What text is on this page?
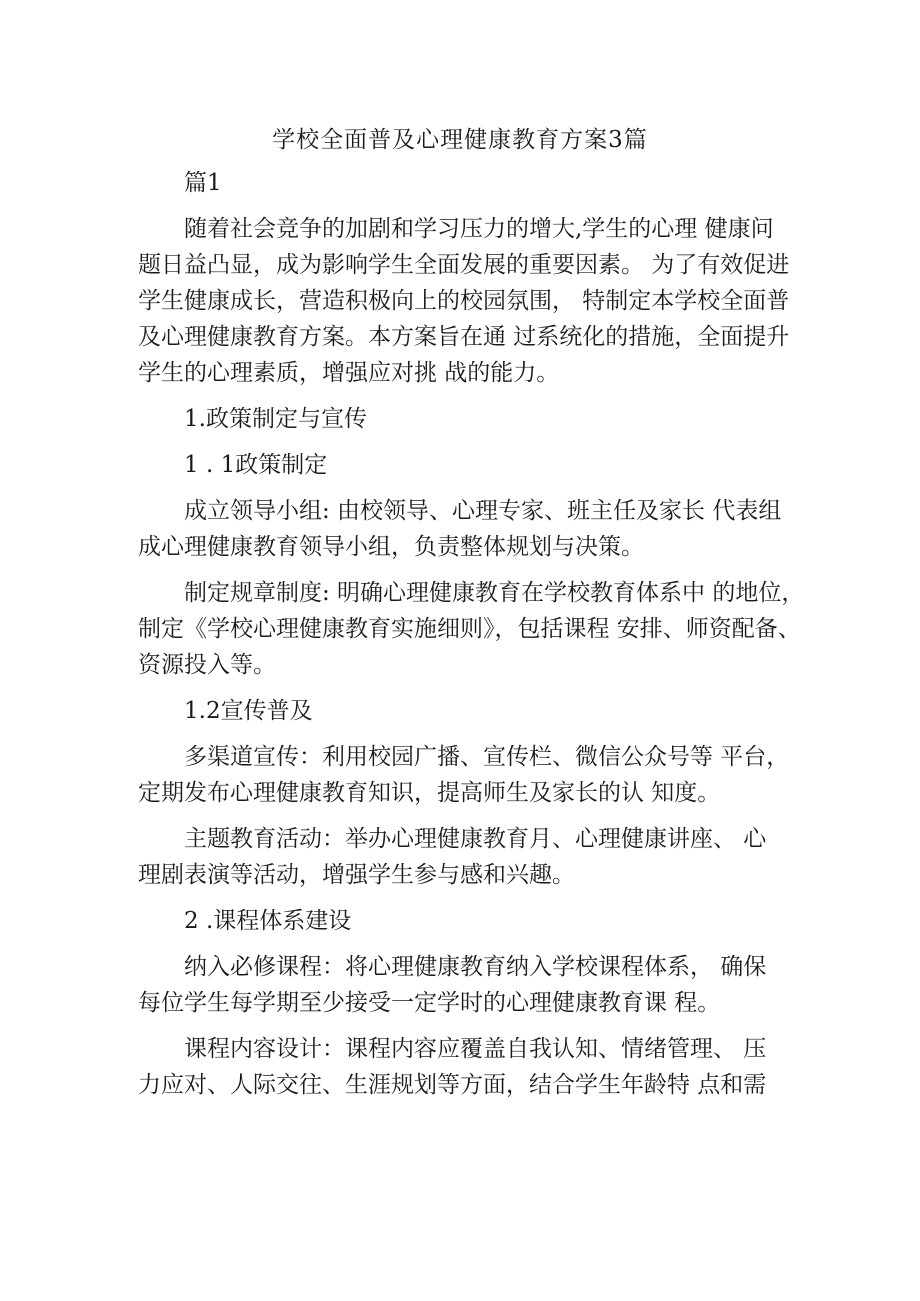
学校全面普及心理健康教育方案3篇
篇1
随着社会竞争的加剧和学习压力的增大,学生的心理 健康问
题日益凸显，成为影响学生全面发展的重要因素。 为了有效促进
学生健康成长，营造积极向上的校园氛围， 特制定本学校全面普
及心理健康教育方案。本方案旨在通 过系统化的措施，全面提升
学生的心理素质，增强应对挑 战的能力。
1.政策制定与宣传
1 . 1政策制定
成立领导小组: 由校领导、心理专家、班主任及家长 代表组
成心理健康教育领导小组，负责整体规划与决策。
制定规章制度: 明确心理健康教育在学校教育体系中 的地位，
制定《学校心理健康教育实施细则》，包括课程 安排、师资配备、
资源投入等。
1.2宣传普及
多渠道宣传：利用校园广播、宣传栏、微信公众号等 平台，
定期发布心理健康教育知识，提高师生及家长的认 知度。
主题教育活动：举办心理健康教育月、心理健康讲座、 心
理剧表演等活动，增强学生参与感和兴趣。
2 .课程体系建设
纳入必修课程：将心理健康教育纳入学校课程体系， 确保
每位学生每学期至少接受一定学时的心理健康教育课 程。
课程内容设计：课程内容应覆盖自我认知、情绪管理、 压
力应对、人际交往、生涯规划等方面，结合学生年龄特 点和需
